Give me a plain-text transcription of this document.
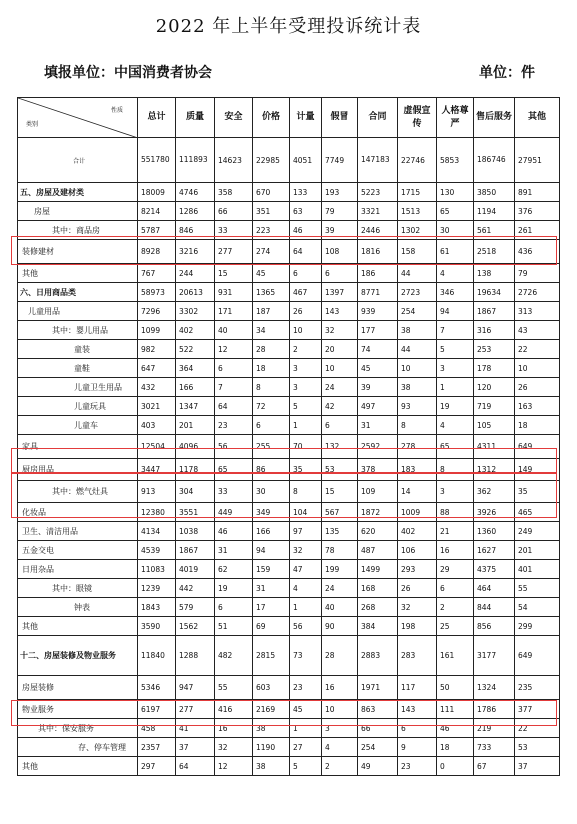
2022 年上半年受理投诉统计表
填报单位：中国消费者协会	单位：件
性质
类别	总计	质量	安全	价格	计量	假冒	合同	虚假宣传	人格尊严	售后服务	其他
合计	551780	111893	14623	22985	4051	7749	147183	22746	5853	186746	27951
五、房屋及建材类	18009	4746	358	670	133	193	5223	1715	130	3850	891
房屋	8214	1286	66	351	63	79	3321	1513	65	1194	376
其中：商品房	5787	846	33	223	46	39	2446	1302	30	561	261
装修建材	8928	3216	277	274	64	108	1816	158	61	2518	436
其他	767	244	15	45	6	6	186	44	4	138	79
六、日用商品类	58973	20613	931	1365	467	1397	8771	2723	346	19634	2726
儿童用品	7296	3302	171	187	26	143	939	254	94	1867	313
其中：婴儿用品	1099	402	40	34	10	32	177	38	7	316	43
童装	982	522	12	28	2	20	74	44	5	253	22
童鞋	647	364	6	18	3	10	45	10	3	178	10
儿童卫生用品	432	166	7	8	3	24	39	38	1	120	26
儿童玩具	3021	1347	64	72	5	42	497	93	19	719	163
儿童车	403	201	23	6	1	6	31	8	4	105	18
家具	12504	4096	56	255	70	132	2592	278	65	4311	649
厨房用品	3447	1178	65	86	35	53	378	183	8	1312	149
其中：燃气灶具	913	304	33	30	8	15	109	14	3	362	35
化妆品	12380	3551	449	349	104	567	1872	1009	88	3926	465
卫生、清洁用品	4134	1038	46	166	97	135	620	402	21	1360	249
五金交电	4539	1867	31	94	32	78	487	106	16	1627	201
日用杂品	11083	4019	62	159	47	199	1499	293	29	4375	401
其中：眼镜	1239	442	19	31	4	24	168	26	6	464	55
钟表	1843	579	6	17	1	40	268	32	2	844	54
其他	3590	1562	51	69	56	90	384	198	25	856	299
十二、房屋装修及物业服务	11840	1288	482	2815	73	28	2883	283	161	3177	649
房屋装修	5346	947	55	603	23	16	1971	117	50	1324	235
物业服务	6197	277	416	2169	45	10	863	143	111	1786	377
其中：保安服务	458	41	16	38	1	3	66	6	46	219	22
存、停车管理	2357	37	32	1190	27	4	254	9	18	733	53
其他	297	64	12	38	5	2	49	23	0	67	37
